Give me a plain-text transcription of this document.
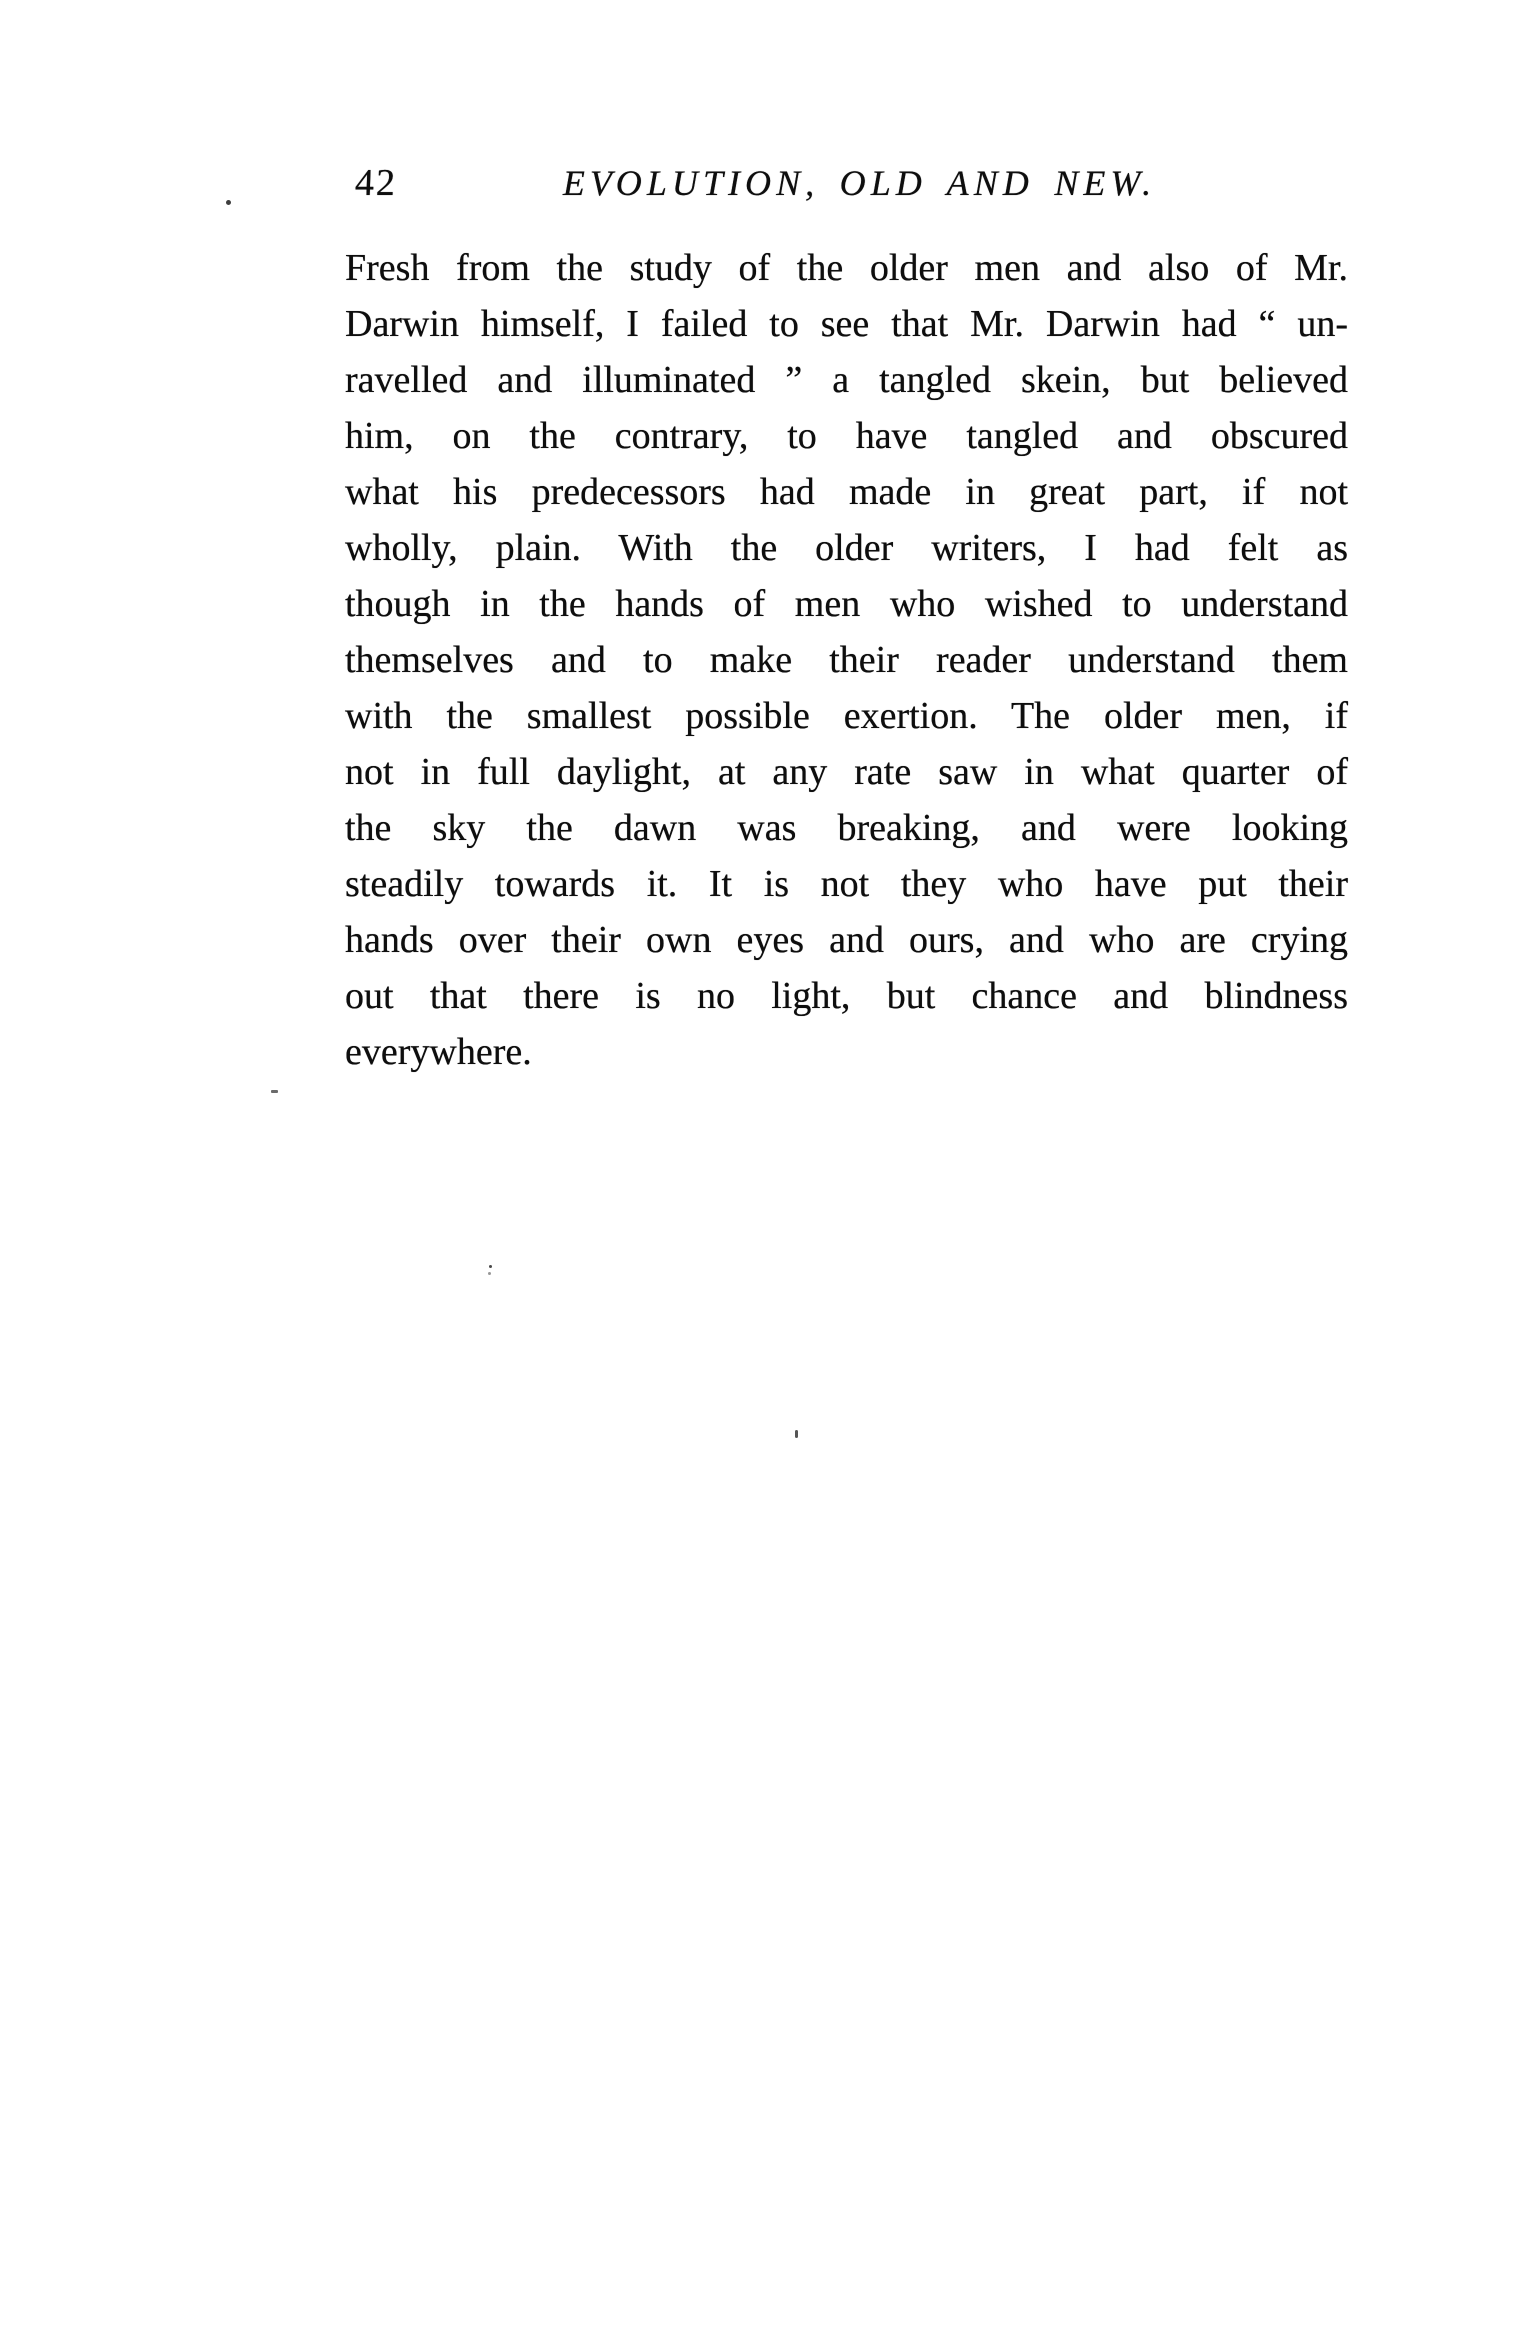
42	EVOLUTION, OLD AND NEW.
Fresh from the study of the older men and also of Mr.
Darwin himself, I failed to see that Mr. Darwin had “ un-
ravelled and illuminated ” a tangled skein, but believed
him, on the contrary, to have tangled and obscured
what his predecessors had made in great part, if not
wholly, plain. With the older writers, I had felt as
though in the hands of men who wished to understand
themselves and to make their reader understand them
with the smallest possible exertion. The older men, if
not in full daylight, at any rate saw in what quarter of
the sky the dawn was breaking, and were looking
steadily towards it. It is not they who have put their
hands over their own eyes and ours, and who are crying
out that there is no light, but chance and blindness
everywhere.
